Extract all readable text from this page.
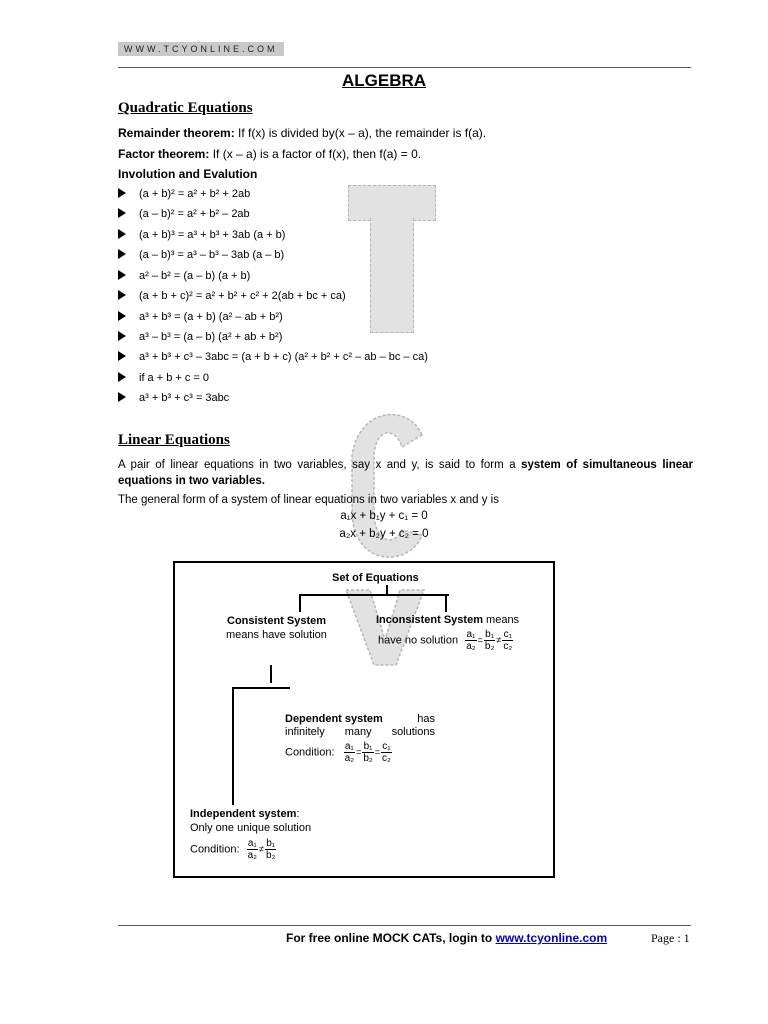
WWW.TCYONLINE.COM
ALGEBRA
Quadratic Equations
Remainder theorem: If f(x) is divided by(x – a), the remainder is f(a).
Factor theorem: If (x – a) is a factor of f(x), then f(a) = 0.
Involution and Evalution
(a + b)² = a² + b² + 2ab
(a – b)² = a² + b² – 2ab
(a + b)³ = a³ + b³ + 3ab (a + b)
(a – b)³ = a³ – b³ – 3ab (a – b)
a² – b² = (a – b) (a + b)
(a + b + c)² = a² + b² + c² + 2(ab + bc + ca)
a³ + b³ = (a + b) (a² – ab + b²)
a³ – b³ = (a – b) (a² + ab + b²)
a³ + b³ + c³ – 3abc = (a + b + c) (a² + b² + c² – ab – bc – ca)
if a + b + c = 0
a³ + b³ + c³ = 3abc
Linear Equations
A pair of linear equations in two variables, say x and y, is said to form a system of simultaneous linear equations in two variables.
The general form of a system of linear equations in two variables x and y is
a₁x + b₁y + c₁ = 0
a₂x + b₂y + c₂ = 0
Set of Equations
Consistent System
means have solution
Inconsistent System means
have no solution $\frac{\text{a₁}}{\text{a₂}} = \frac{\text{b₁}}{\text{b₂}} \ne \frac{\text{c₁}}{\text{c₂}}$
Dependent system	has
infinitely many solutions
Condition: $\frac{\text{a₁}}{\text{a₂}} = \frac{\text{b₁}}{\text{b₂}} = \frac{\text{c₁}}{\text{c₂}}$
Independent system:
Only one unique solution
Condition: $\frac{\text{a₁}}{\text{a₂}} \ne \frac{\text{b₁}}{\text{b₂}}$
For free online MOCK CATs, login to www.tcyonline.com	Page : 1
